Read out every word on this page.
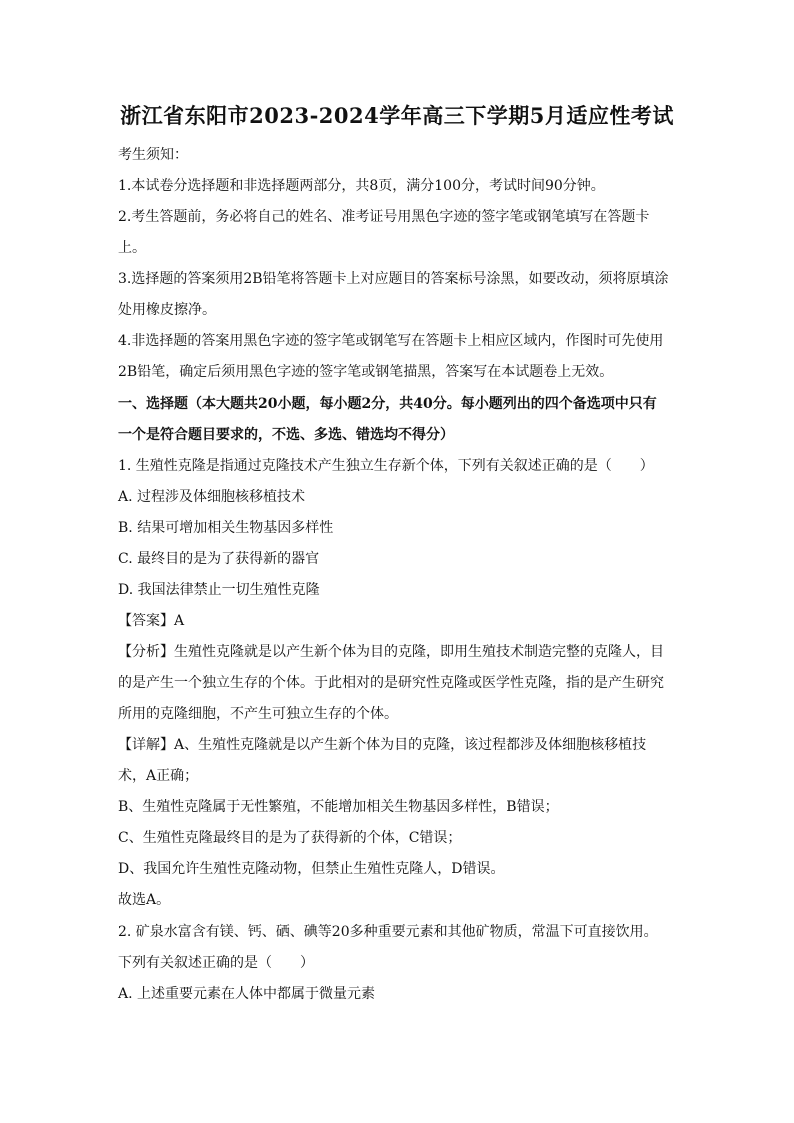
浙江省东阳市2023-2024学年高三下学期5月适应性考试
考生须知：
1.本试卷分选择题和非选择题两部分，共8页，满分100分，考试时间90分钟。
2.考生答题前，务必将自己的姓名、准考证号用黑色字迹的签字笔或钢笔填写在答题卡
上。
3.选择题的答案须用2B铅笔将答题卡上对应题目的答案标号涂黑，如要改动，须将原填涂
处用橡皮擦净。
4.非选择题的答案用黑色字迹的签字笔或钢笔写在答题卡上相应区域内，作图时可先使用
2B铅笔，确定后须用黑色字迹的签字笔或钢笔描黑，答案写在本试题卷上无效。
一、选择题（本大题共20小题，每小题2分，共40分。每小题列出的四个备选项中只有
一个是符合题目要求的，不选、多选、错选均不得分）
1. 生殖性克隆是指通过克隆技术产生独立生存新个体，下列有关叙述正确的是（　　）
A. 过程涉及体细胞核移植技术
B. 结果可增加相关生物基因多样性
C. 最终目的是为了获得新的器官
D. 我国法律禁止一切生殖性克隆
【答案】A
【分析】生殖性克隆就是以产生新个体为目的克隆，即用生殖技术制造完整的克隆人，目
的是产生一个独立生存的个体。于此相对的是研究性克隆或医学性克隆，指的是产生研究
所用的克隆细胞，不产生可独立生存的个体。
【详解】A、生殖性克隆就是以产生新个体为目的克隆，该过程都涉及体细胞核移植技
术，A正确；
B、生殖性克隆属于无性繁殖，不能增加相关生物基因多样性，B错误；
C、生殖性克隆最终目的是为了获得新的个体，C错误；
D、我国允许生殖性克隆动物，但禁止生殖性克隆人，D错误。
故选A。
2. 矿泉水富含有镁、钙、硒、碘等20多种重要元素和其他矿物质，常温下可直接饮用。
下列有关叙述正确的是（　　）
A. 上述重要元素在人体中都属于微量元素
